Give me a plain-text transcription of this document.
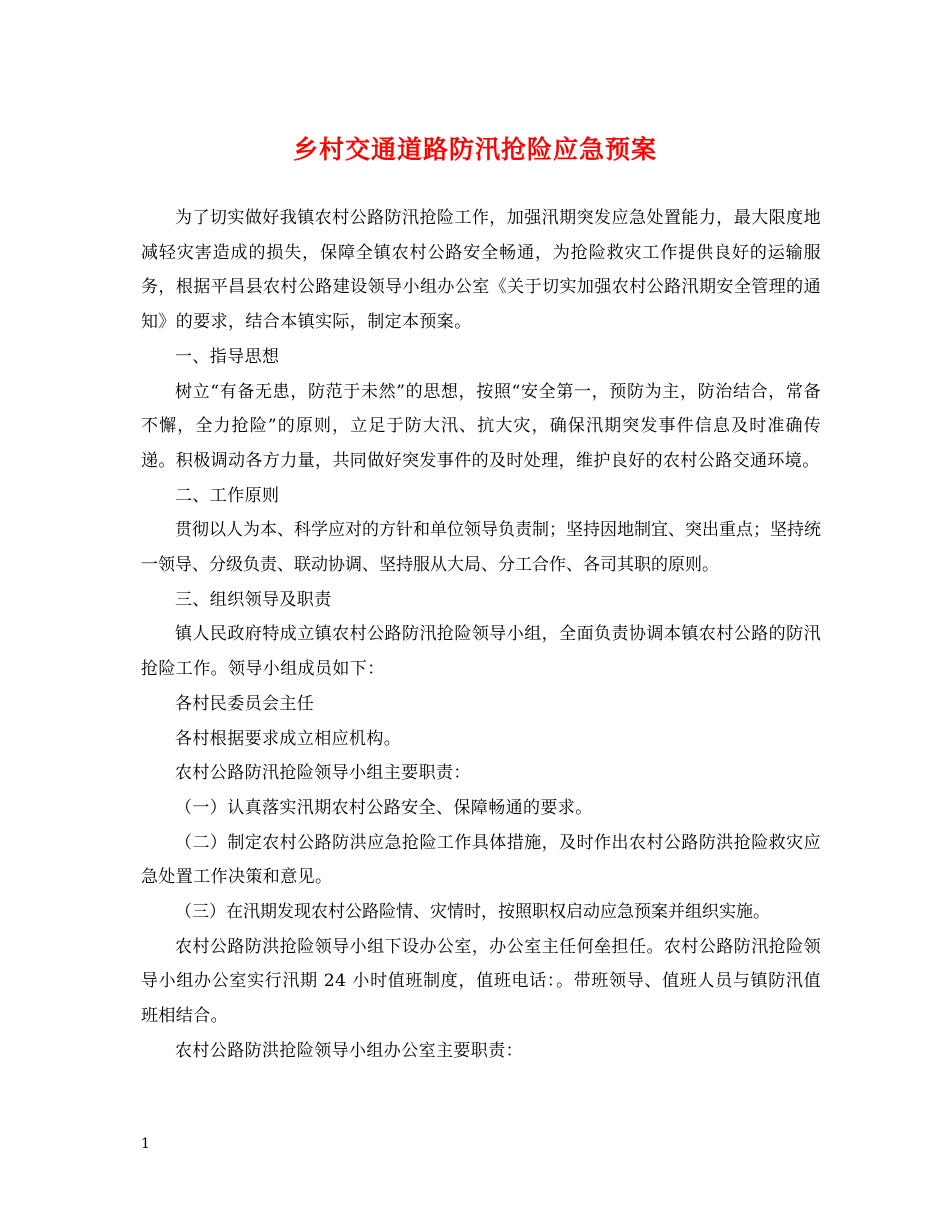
乡村交通道路防汛抢险应急预案

为了切实做好我镇农村公路防汛抢险工作，加强汛期突发应急处置能力，最大限度地减轻灾害造成的损失，保障全镇农村公路安全畅通，为抢险救灾工作提供良好的运输服务，根据平昌县农村公路建设领导小组办公室《关于切实加强农村公路汛期安全管理的通知》的要求，结合本镇实际，制定本预案。

一、指导思想

树立“有备无患，防范于未然”的思想，按照“安全第一，预防为主，防治结合，常备不懈，全力抢险”的原则，立足于防大汛、抗大灾，确保汛期突发事件信息及时准确传递。积极调动各方力量，共同做好突发事件的及时处理，维护良好的农村公路交通环境。

二、工作原则

贯彻以人为本、科学应对的方针和单位领导负责制；坚持因地制宜、突出重点；坚持统一领导、分级负责、联动协调、坚持服从大局、分工合作、各司其职的原则。

三、组织领导及职责

镇人民政府特成立镇农村公路防汛抢险领导小组，全面负责协调本镇农村公路的防汛抢险工作。领导小组成员如下：

各村民委员会主任

各村根据要求成立相应机构。

农村公路防汛抢险领导小组主要职责：

（一）认真落实汛期农村公路安全、保障畅通的要求。

（二）制定农村公路防洪应急抢险工作具体措施，及时作出农村公路防洪抢险救灾应急处置工作决策和意见。

（三）在汛期发现农村公路险情、灾情时，按照职权启动应急预案并组织实施。

农村公路防洪抢险领导小组下设办公室，办公室主任何垒担任。农村公路防汛抢险领导小组办公室实行汛期 24 小时值班制度，值班电话：。带班领导、值班人员与镇防汛值班相结合。

农村公路防洪抢险领导小组办公室主要职责：

1
